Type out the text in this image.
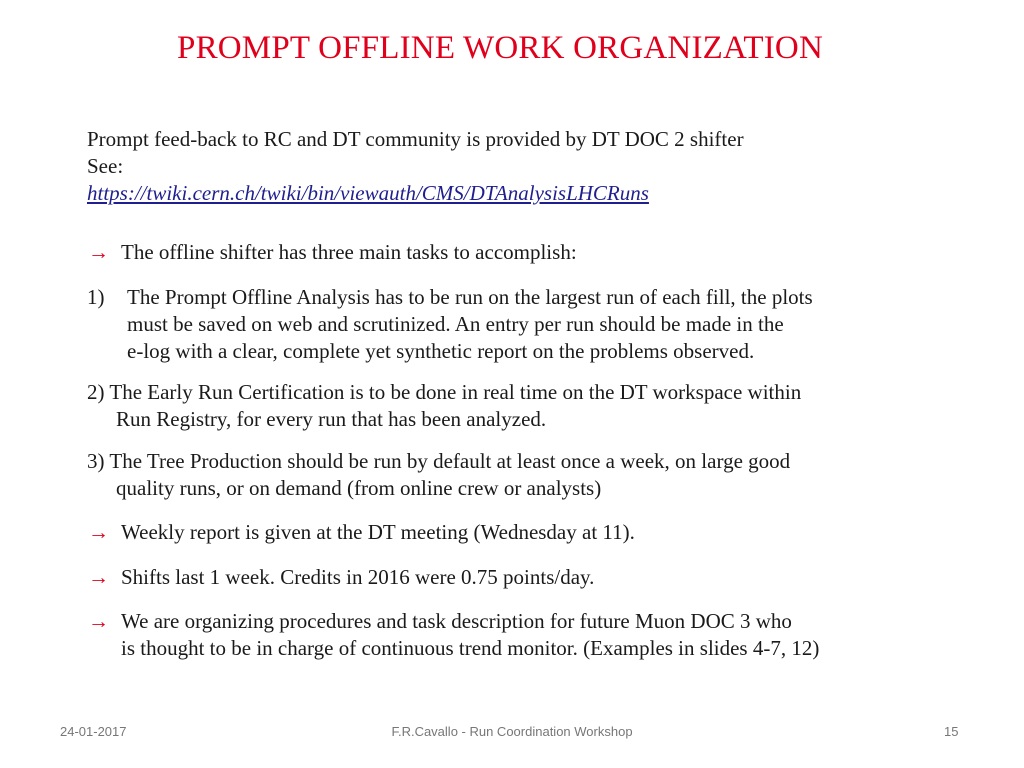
PROMPT OFFLINE WORK ORGANIZATION
Prompt feed-back to RC and DT community is provided by DT DOC 2 shifter
See:
https://twiki.cern.ch/twiki/bin/viewauth/CMS/DTAnalysisLHCRuns
→ The offline shifter has three main tasks to accomplish:
1) The Prompt Offline Analysis has to be run on the largest run of each fill, the plots
must be saved on web and scrutinized. An entry per run should be made in the
e-log with a clear, complete yet synthetic report on the problems observed.
2) The Early Run Certification is to be done in real time on the DT workspace within
Run Registry, for every run that has been analyzed.
3) The Tree Production should be run by default at least once a week, on large good
quality runs, or on demand (from online crew or analysts)
→ Weekly report is given at the DT meeting (Wednesday at 11).
→ Shifts last 1 week. Credits in 2016 were 0.75 points/day.
→ We are organizing procedures and task description for future Muon DOC 3 who
is thought to be in charge of continuous trend monitor. (Examples in slides 4-7, 12)
24-01-2017	F.R.Cavallo - Run Coordination Workshop	15
